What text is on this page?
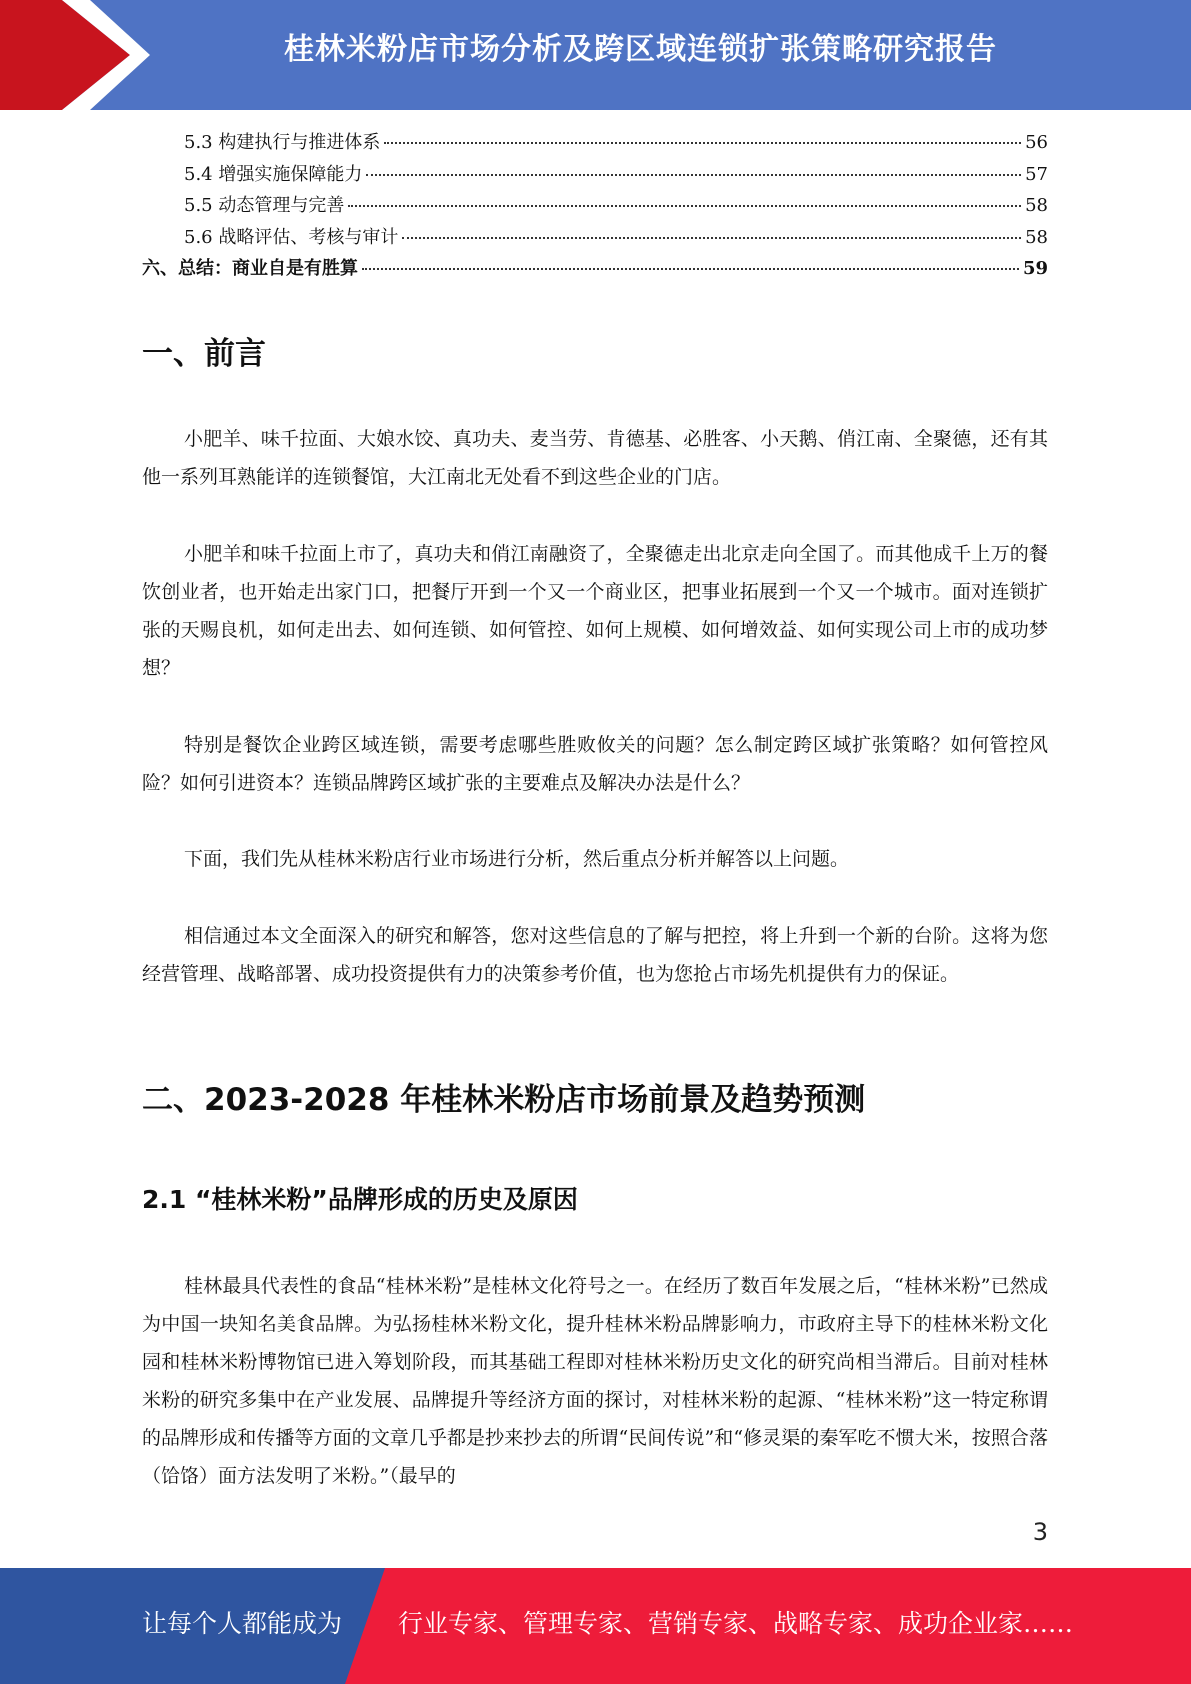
桂林米粉店市场分析及跨区域连锁扩张策略研究报告
5.3 构建执行与推进体系	56
5.4 增强实施保障能力	57
5.5 动态管理与完善	58
5.6 战略评估、考核与审计	58
六、总结：商业自是有胜算	59
一、前言

小肥羊、味千拉面、大娘水饺、真功夫、麦当劳、肯德基、必胜客、小天鹅、俏江南、全聚德，还有其他一系列耳熟能详的连锁餐馆，大江南北无处看不到这些企业的门店。

小肥羊和味千拉面上市了，真功夫和俏江南融资了，全聚德走出北京走向全国了。而其他成千上万的餐饮创业者，也开始走出家门口，把餐厅开到一个又一个商业区，把事业拓展到一个又一个城市。面对连锁扩张的天赐良机，如何走出去、如何连锁、如何管控、如何上规模、如何增效益、如何实现公司上市的成功梦想？

特别是餐饮企业跨区域连锁，需要考虑哪些胜败攸关的问题？怎么制定跨区域扩张策略？如何管控风险？如何引进资本？连锁品牌跨区域扩张的主要难点及解决办法是什么？

下面，我们先从桂林米粉店行业市场进行分析，然后重点分析并解答以上问题。

相信通过本文全面深入的研究和解答，您对这些信息的了解与把控，将上升到一个新的台阶。这将为您经营管理、战略部署、成功投资提供有力的决策参考价值，也为您抢占市场先机提供有力的保证。

二、2023-2028 年桂林米粉店市场前景及趋势预测
2.1 “桂林米粉”品牌形成的历史及原因

桂林最具代表性的食品“桂林米粉”是桂林文化符号之一。在经历了数百年发展之后，“桂林米粉”已然成为中国一块知名美食品牌。为弘扬桂林米粉文化，提升桂林米粉品牌影响力，市政府主导下的桂林米粉文化园和桂林米粉博物馆已进入筹划阶段，而其基础工程即对桂林米粉历史文化的研究尚相当滞后。目前对桂林米粉的研究多集中在产业发展、品牌提升等经济方面的探讨，对桂林米粉的起源、“桂林米粉”这一特定称谓的品牌形成和传播等方面的文章几乎都是抄来抄去的所谓“民间传说”和“修灵渠的秦军吃不惯大米，按照合落（饸饹）面方法发明了米粉。”（最早的

3
让每个人都能成为 行业专家、管理专家、营销专家、战略专家、成功企业家……
